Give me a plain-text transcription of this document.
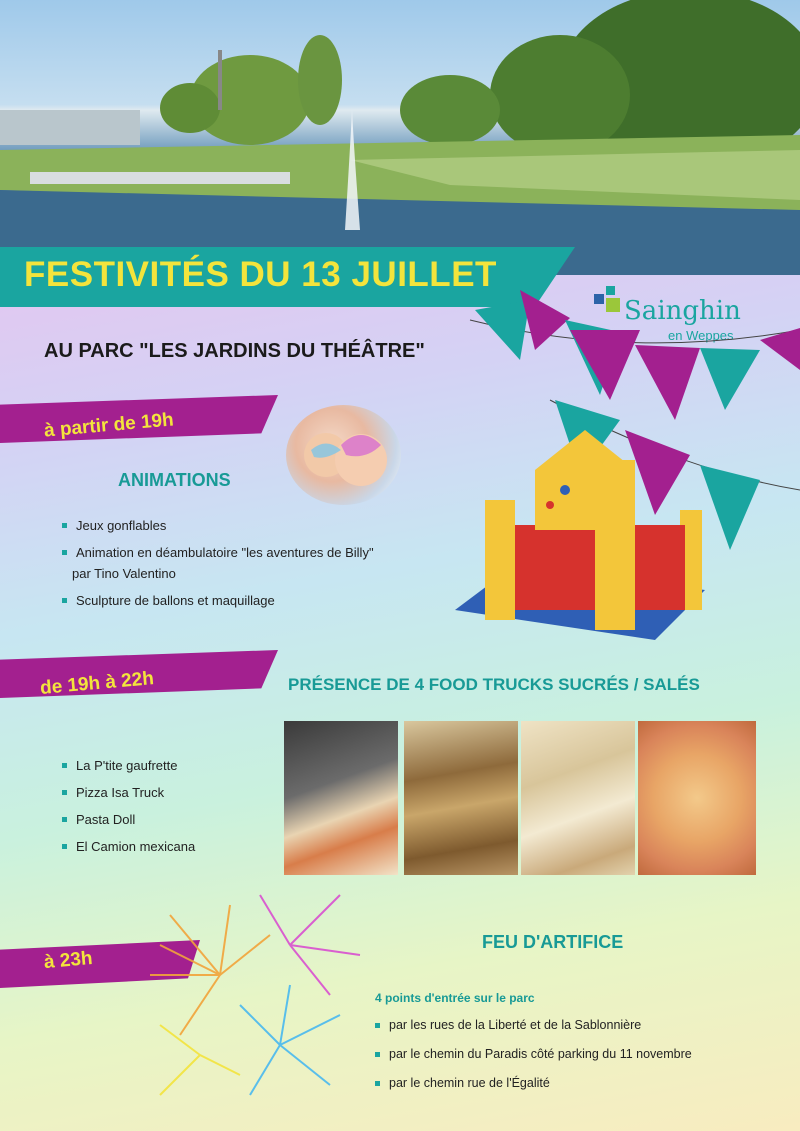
FESTIVITÉS DU 13 JUILLET
Sainghin
en Weppes
AU PARC "LES JARDINS DU THÉÂTRE"
à partir de 19h
ANIMATIONS
Jeux gonflables
Animation en déambulatoire "les aventures de Billy"
par Tino Valentino
Sculpture de ballons et maquillage
de 19h à 22h	PRÉSENCE DE 4 FOOD TRUCKS SUCRÉS / SALÉS
La P'tite gaufrette
Pizza Isa Truck
Pasta Doll
El Camion mexicana
à 23h
FEU D'ARTIFICE
4 points d'entrée sur le parc
par les rues de la Liberté et de la Sablonnière
par le chemin du Paradis côté parking du 11 novembre
par le chemin rue de l'Égalité
